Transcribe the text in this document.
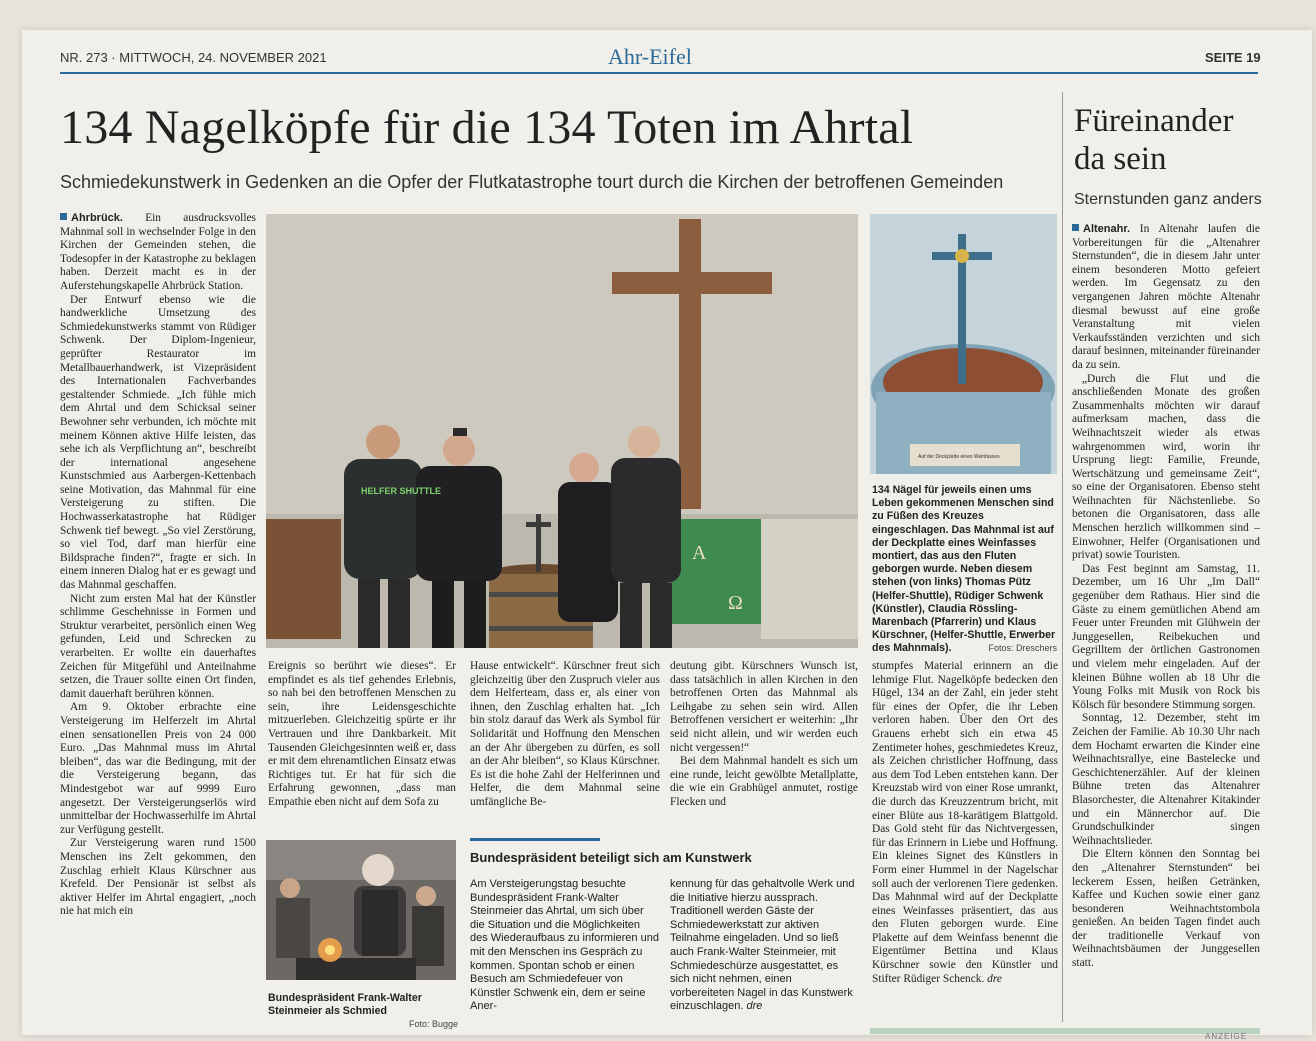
NR. 273 · MITTWOCH, 24. NOVEMBER 2021	Ahr-Eifel	SEITE 19
134 Nagelköpfe für die 134 Toten im Ahrtal
Schmiedekunstwerk in Gedenken an die Opfer der Flutkatastrophe tourt durch die Kirchen der betroffenen Gemeinden

Ahrbrück. Ein ausdrucksvolles Mahnmal soll in wechselnder Folge in den Kirchen der Gemeinden stehen, die Todesopfer in der Katastrophe zu beklagen haben. Derzeit macht es in der Auferstehungskapelle Ahrbrück Station.

Der Entwurf ebenso wie die handwerkliche Umsetzung des Schmiedekunstwerks stammt von Rüdiger Schwenk. Der Diplom-Ingenieur, geprüfter Restaurator im Metallbauerhandwerk, ist Vizepräsident des Internationalen Fachverbandes gestaltender Schmiede. „Ich fühle mich dem Ahrtal und dem Schicksal seiner Bewohner sehr verbunden, ich möchte mit meinem Können aktive Hilfe leisten, das sehe ich als Verpflichtung an“, beschreibt der international angesehene Kunstschmied aus Aarbergen-Kettenbach seine Motivation, das Mahnmal für eine Versteigerung zu stiften. Die Hochwasserkatastrophe hat Rüdiger Schwenk tief bewegt. „So viel Zerstörung, so viel Tod, darf man hierfür eine Bildsprache finden?“, fragte er sich. In einem inneren Dialog hat er es gewagt und das Mahnmal geschaffen.

Nicht zum ersten Mal hat der Künstler schlimme Geschehnisse in Formen und Struktur verarbeitet, persönlich einen Weg gefunden, Leid und Schrecken zu verarbeiten. Er wollte ein dauerhaftes Zeichen für Mitgefühl und Anteilnahme setzen, die Trauer sollte einen Ort finden, damit dauerhaft berühren können.

Am 9. Oktober erbrachte eine Versteigerung im Helferzelt im Ahrtal einen sensationellen Preis von 24 000 Euro. „Das Mahnmal muss im Ahrtal bleiben“, das war die Bedingung, mit der die Versteigerung begann, das Mindestgebot war auf 9999 Euro angesetzt. Der Versteigerungserlös wird unmittelbar der Hochwasserhilfe im Ahrtal zur Verfügung gestellt.

Zur Versteigerung waren rund 1500 Menschen ins Zelt gekommen, den Zuschlag erhielt Klaus Kürschner aus Krefeld. Der Pensionär ist selbst als aktiver Helfer im Ahrtal engagiert, „noch nie hat mich ein

A
Ω
HELFER SHUTTLE

Ereignis so berührt wie dieses“. Er empfindet es als tief gehendes Erlebnis, so nah bei den betroffenen Menschen zu sein, ihre Leidensgeschichte mitzuerleben. Gleichzeitig spürte er ihr Vertrauen und ihre Dankbarkeit. Mit Tausenden Gleichgesinnten weiß er, dass er mit dem ehrenamtlichen Einsatz etwas Richtiges tut. Er hat für sich die Erfahrung gewonnen, „dass man Empathie eben nicht auf dem Sofa zu

Bundespräsident Frank-Walter Steinmeier als Schmied
Foto: Bugge

Hause entwickelt“. Kürschner freut sich gleichzeitig über den Zuspruch vieler aus dem Helferteam, dass er, als einer von ihnen, den Zuschlag erhalten hat. „Ich bin stolz darauf das Werk als Symbol für Solidarität und Hoffnung den Menschen an der Ahr übergeben zu dürfen, es soll an der Ahr bleiben“, so Klaus Kürschner. Es ist die hohe Zahl der Helferinnen und Helfer, die dem Mahnmal seine umfängliche Be-

deutung gibt. Kürschners Wunsch ist, dass tatsächlich in allen Kirchen in den betroffenen Orten das Mahnmal als Leihgabe zu sehen sein wird. Allen Betroffenen versichert er weiterhin: „Ihr seid nicht allein, und wir werden euch nicht vergessen!“

Bei dem Mahnmal handelt es sich um eine runde, leicht gewölbte Metallplatte, die wie ein Grabhügel anmutet, rostige Flecken und

Bundespräsident beteiligt sich am Kunstwerk

Am Versteigerungstag besuchte Bundespräsident Frank-Walter Steinmeier das Ahrtal, um sich über die Situation und die Möglichkeiten des Wiederaufbaus zu informieren und mit den Menschen ins Gespräch zu kommen. Spontan schob er einen Besuch am Schmiedefeuer von Künstler Schwenk ein, dem er seine Aner-

kennung für das gehaltvolle Werk und die Initiative hierzu aussprach. Traditionell werden Gäste der Schmiedewerkstatt zur aktiven Teilnahme eingeladen. Und so ließ auch Frank-Walter Steinmeier, mit Schmiedeschürze ausgestattet, es sich nicht nehmen, einen vorbereiteten Nagel in das Kunstwerk einzuschlagen. dre

Auf der Deckplatte eines Weinfasses
134 Nägel für jeweils einen ums Leben gekommenen Menschen sind zu Füßen des Kreuzes eingeschlagen. Das Mahnmal ist auf der Deckplatte eines Weinfasses montiert, das aus den Fluten geborgen wurde. Neben diesem stehen (von links) Thomas Pütz (Helfer-Shuttle), Rüdiger Schwenk (Künstler), Claudia Rössling-Marenbach (Pfarrerin) und Klaus Kürschner, (Helfer-Shuttle, Erwerber des Mahnmals).	Fotos: Dreschers

stumpfes Material erinnern an die lehmige Flut. Nagelköpfe bedecken den Hügel, 134 an der Zahl, ein jeder steht für eines der Opfer, die ihr Leben verloren haben. Über den Ort des Grauens erhebt sich ein etwa 45 Zentimeter hohes, geschmiedetes Kreuz, als Zeichen christlicher Hoffnung, dass aus dem Tod Leben entstehen kann. Der Kreuzstab wird von einer Rose umrankt, die durch das Kreuzzentrum bricht, mit einer Blüte aus 18-karätigem Blattgold. Das Gold steht für das Nichtvergessen, für das Erinnern in Liebe und Hoffnung. Ein kleines Signet des Künstlers in Form einer Hummel in der Nagelschar soll auch der verlorenen Tiere gedenken. Das Mahnmal wird auf der Deckplatte eines Weinfasses präsentiert, das aus den Fluten geborgen wurde. Eine Plakette auf dem Weinfass benennt die Eigentümer Bettina und Klaus Kürschner sowie den Künstler und Stifter Rüdiger Schenck. dre

Füreinander da sein
Sternstunden ganz anders

Altenahr. In Altenahr laufen die Vorbereitungen für die „Altenahrer Sternstunden“, die in diesem Jahr unter einem besonderen Motto gefeiert werden. Im Gegensatz zu den vergangenen Jahren möchte Altenahr diesmal bewusst auf eine große Veranstaltung mit vielen Verkaufsständen verzichten und sich darauf besinnen, miteinander füreinander da zu sein.

„Durch die Flut und die anschließenden Monate des großen Zusammenhalts möchten wir darauf aufmerksam machen, dass die Weihnachtszeit wieder als etwas wahrgenommen wird, worin ihr Ursprung liegt: Familie, Freunde, Wertschätzung und gemeinsame Zeit“, so eine der Organisatoren. Ebenso steht Weihnachten für Nächstenliebe. So betonen die Organisatoren, dass alle Menschen herzlich willkommen sind – Einwohner, Helfer (Organisationen und privat) sowie Touristen.

Das Fest beginnt am Samstag, 11. Dezember, um 16 Uhr „Im Dall“ gegenüber dem Rathaus. Hier sind die Gäste zu einem gemütlichen Abend am Feuer unter Freunden mit Glühwein der Junggesellen, Reibekuchen und Gegrilltem der örtlichen Gastronomen und vielem mehr eingeladen. Auf der kleinen Bühne wollen ab 18 Uhr die Young Folks mit Musik von Rock bis Kölsch für besondere Stimmung sorgen.

Sonntag, 12. Dezember, steht im Zeichen der Familie. Ab 10.30 Uhr nach dem Hochamt erwarten die Kinder eine Weihnachtsrallye, eine Bastelecke und Geschichtenerzähler. Auf der kleinen Bühne treten das Altenahrer Blasorchester, die Altenahrer Kitakinder und ein Männerchor auf. Die Grundschulkinder singen Weihnachtslieder.

Die Eltern können den Sonntag bei den „Altenahrer Sternstunden“ bei leckerem Essen, heißen Getränken, Kaffee und Kuchen sowie einer ganz besonderen Weihnachtstombola genießen. An beiden Tagen findet auch der traditionelle Verkauf von Weihnachtsbäumen der Junggesellen statt.

ANZEIGE
